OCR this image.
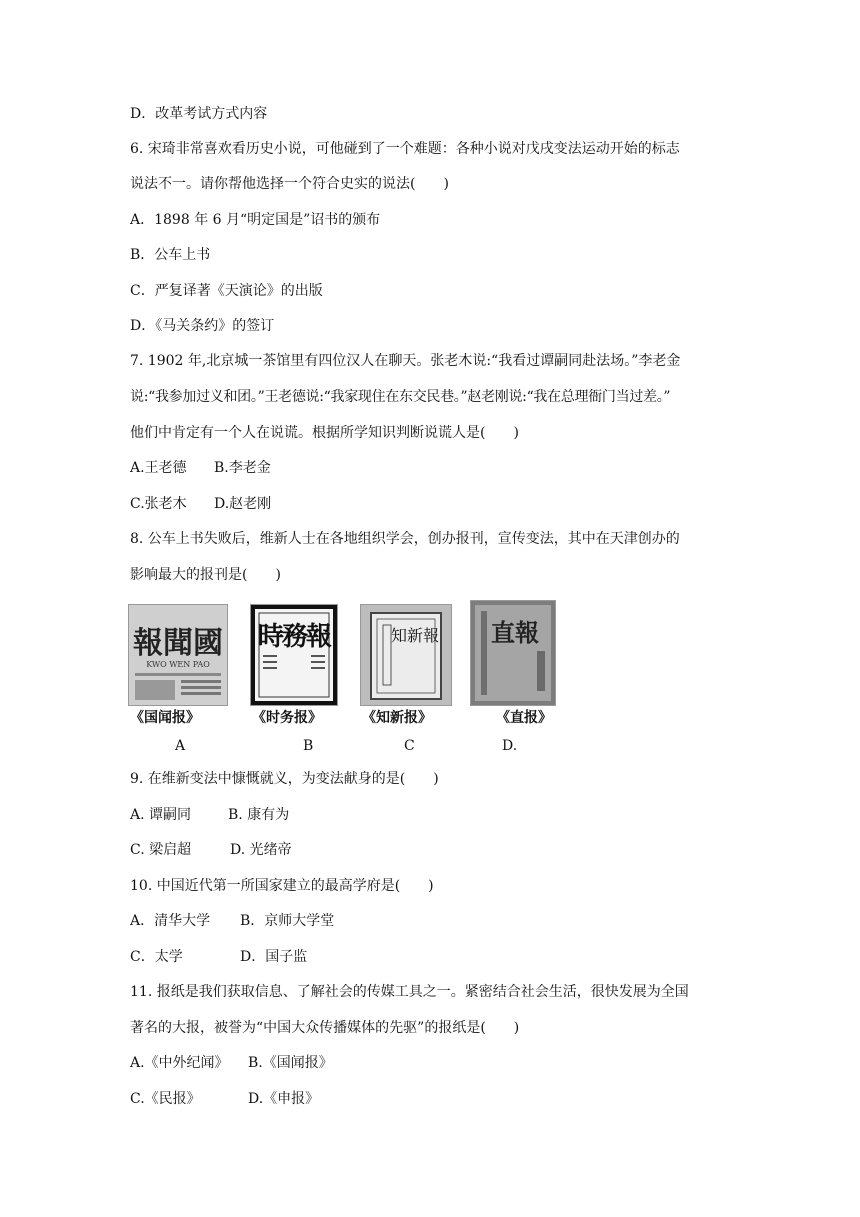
D．改革考试方式内容
6. 宋琦非常喜欢看历史小说，可他碰到了一个难题：各种小说对戊戌变法运动开始的标志
说法不一。请你帮他选择一个符合史实的说法(　　)
A．1898 年 6 月“明定国是”诏书的颁布
B．公车上书
C．严复译著《天演论》的出版
D．《马关条约》的签订
7. 1902 年,北京城一茶馆里有四位汉人在聊天。张老木说:“我看过谭嗣同赴法场。”李老金
说:“我参加过义和团。”王老德说:“我家现住在东交民巷。”赵老刚说:“我在总理衙门当过差。”
他们中肯定有一个人在说谎。根据所学知识判断说谎人是(　　)
A.王老德 B.李老金
C.张老木 D.赵老刚
8. 公车上书失败后，维新人士在各地组织学会，创办报刊，宣传变法，其中在天津创办的
影响最大的报刊是(　　)
報聞國
KWO WEN PAO
時務報	知新報 直報
《国闻报》	《时务报》	《知新报》	《直报》
A	B	C	D.
9. 在维新变法中慷慨就义，为变法献身的是(　　)
A. 谭嗣同	B. 康有为
C. 梁启超	D. 光绪帝
10. 中国近代第一所国家建立的最高学府是(　　)
A．清华大学 B．京师大学堂
C．太学	D．国子监
11. 报纸是我们获取信息、了解社会的传媒工具之一。紧密结合社会生活，很快发展为全国
著名的大报，被誉为“中国大众传播媒体的先驱”的报纸是(　　)
A.《中外纪闻》 B.《国闻报》
C.《民报》	D.《申报》
